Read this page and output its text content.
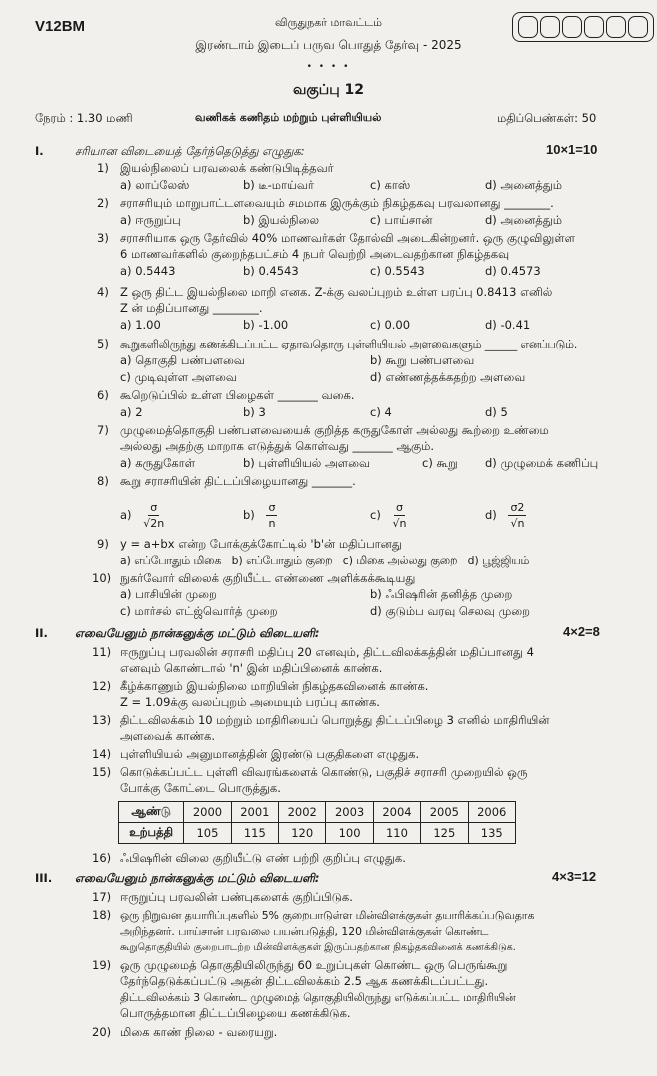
V12BM	விருதுநகர் மாவட்டம்
இரண்டாம் இடைப் பருவ பொதுத் தேர்வு - 2025
• • • •
வகுப்பு 12
நேரம் : 1.30 மணி	வணிகக் கணிதம் மற்றும் புள்ளியியல்	மதிப்பெண்கள்: 50
I.	சரியான விடையைத் தேர்ந்தெடுத்து எழுதுக:	10×1=10
1) இயல்நிலைப் பரவலைக் கண்டுபிடித்தவர்
a) லாப்லேஸ்	b) டீ-மாய்வர்	c) காஸ்	d) அனைத்தும்
2) சராசரியும் மாறுபாட்டளவையும் சமமாக இருக்கும் நிகழ்தகவு பரவலானது ________.
a) ஈருறுப்பு	b) இயல்நிலை	c) பாய்சான்	d) அனைத்தும்
3) சராசரியாக ஒரு தேர்வில் 40% மாணவர்கள் தோல்வி அடைகின்றனர். ஒரு குழுவிலுள்ள
6 மாணவர்களில் குறைந்தபட்சம் 4 நபர் வெற்றி அடைவதற்கான நிகழ்தகவு
a) 0.5443	b) 0.4543	c) 0.5543	d) 0.4573
4) Z ஒரு திட்ட இயல்நிலை மாறி எனக. Z-க்கு வலப்புறம் உள்ள பரப்பு 0.8413 எனில்
Z ன் மதிப்பானது ________.
a) 1.00	b) -1.00	c) 0.00	d) -0.41
5) கூறுகளிலிருந்து கணக்கிடப்பட்ட ஏதாவதொரு புள்ளியியல் அளவைகளும் ______ எனப்படும்.
a) தொகுதி பண்பளவை	b) கூறு பண்பளவை
c) முடிவுள்ள அளவை	d) எண்ணத்தக்கதற்ற அளவை
6) கூறெடுப்பில் உள்ள பிழைகள் _______ வகை.
a) 2	b) 3	c) 4	d) 5
7) முழுமைத்தொகுதி பண்பளவையைக் குறித்த கருதுகோள் அல்லது கூற்றை உண்மை
அல்லது அதற்கு மாறாக எடுத்துக் கொள்வது _______ ஆகும்.
a) கருதுகோள்	b) புள்ளியியல் அளவை	c) கூறு d) முழுமைக் கணிப்பு
8) கூறு சராசரியின் திட்டப்பிழையானது _______.
$a) \frac{\sigma}{√2n}$	$b) \frac{\sigma}{n}$	$c) \frac{\sigma}{√n}$	$d) \frac{\sigma 2}{√n}$
9) y = a+bx என்ற போக்குக்கோட்டில் 'b'ன் மதிப்பானது
a) எப்போதும் மிகை   b) எப்போதும் குறை   c) மிகை அல்லது குறை   d) பூஜ்ஜியம்
10) நுகர்வோர் விலைக் குறியீட்ட எண்ணை அளிக்கக்கூடியது
a) பாசியின் முறை	b) ஃபிஷரின் தனித்த முறை
c) மார்சல் எட்ஜ்வொர்த் முறை	d) குடும்ப வரவு செலவு முறை
II. எவையேனும் நான்கனுக்கு மட்டும் விடையளி:	4×2=8
11) ஈருறுப்பு பரவலின் சராசரி மதிப்பு 20 எனவும், திட்டவிலக்கத்தின் மதிப்பானது 4
எனவும் கொண்டால் 'n' இன் மதிப்பினைக் காண்க.
12) கீழ்க்காணும் இயல்நிலை மாறியின் நிகழ்தகவினைக் காண்க.
Z = 1.09க்கு வலப்புறம் அமையும் பரப்பு காண்க.
13) திட்டவிலக்கம் 10 மற்றும் மாதிரியைப் பொறுத்து திட்டப்பிழை 3 எனில் மாதிரியின்
அளவைக் காண்க.
14) புள்ளியியல் அனுமானத்தின் இரண்டு பகுதிகளை எழுதுக.
15) கொடுக்கப்பட்ட புள்ளி விவரங்களைக் கொண்டு, பகுதிச் சராசரி முறையில் ஒரு
போக்கு கோட்டை பொருத்துக.
ஆண்டு	2000	2001	2002	2003	2004	2005	2006
உற்பத்தி	105	115	120	100	110	125	135
16) ஃபிஷரின் விலை குறியீட்டு எண் பற்றி குறிப்பு எழுதுக.
III. எவையேனும் நான்கனுக்கு மட்டும் விடையளி:	4×3=12
17) ஈருறுப்பு பரவலின் பண்புகளைக் குறிப்பிடுக.
18) ஒரு நிறுவன தயாரிப்புகளில் 5% குறைபாடுள்ள மின்விளக்குகள் தயாரிக்கப்படுவதாக
அறிந்தனர். பாய்சான் பரவலை பயன்படுத்தி, 120 மின்விளக்குகள் கொண்ட
கூறுதொகுதியில் குறைபாடற்ற மின்விளக்குகள் இருப்பதற்கான நிகழ்தகவினைக் கணக்கிடுக.
19) ஒரு முழுமைத் தொகுதியிலிருந்து 60 உறுப்புகள் கொண்ட ஒரு பெருங்கூறு
தேர்ந்தெடுக்கப்பட்டு அதன் திட்டவிலக்கம் 2.5 ஆக கணக்கிடப்பட்டது.
திட்டவிலக்கம் 3 கொண்ட முழுமைத் தொகுதியிலிருந்து எடுக்கப்பட்ட மாதிரியின்
பொருத்தமான திட்டப்பிழையை கணக்கிடுக.
20) மிகை காண் நிலை - வரையறு.
